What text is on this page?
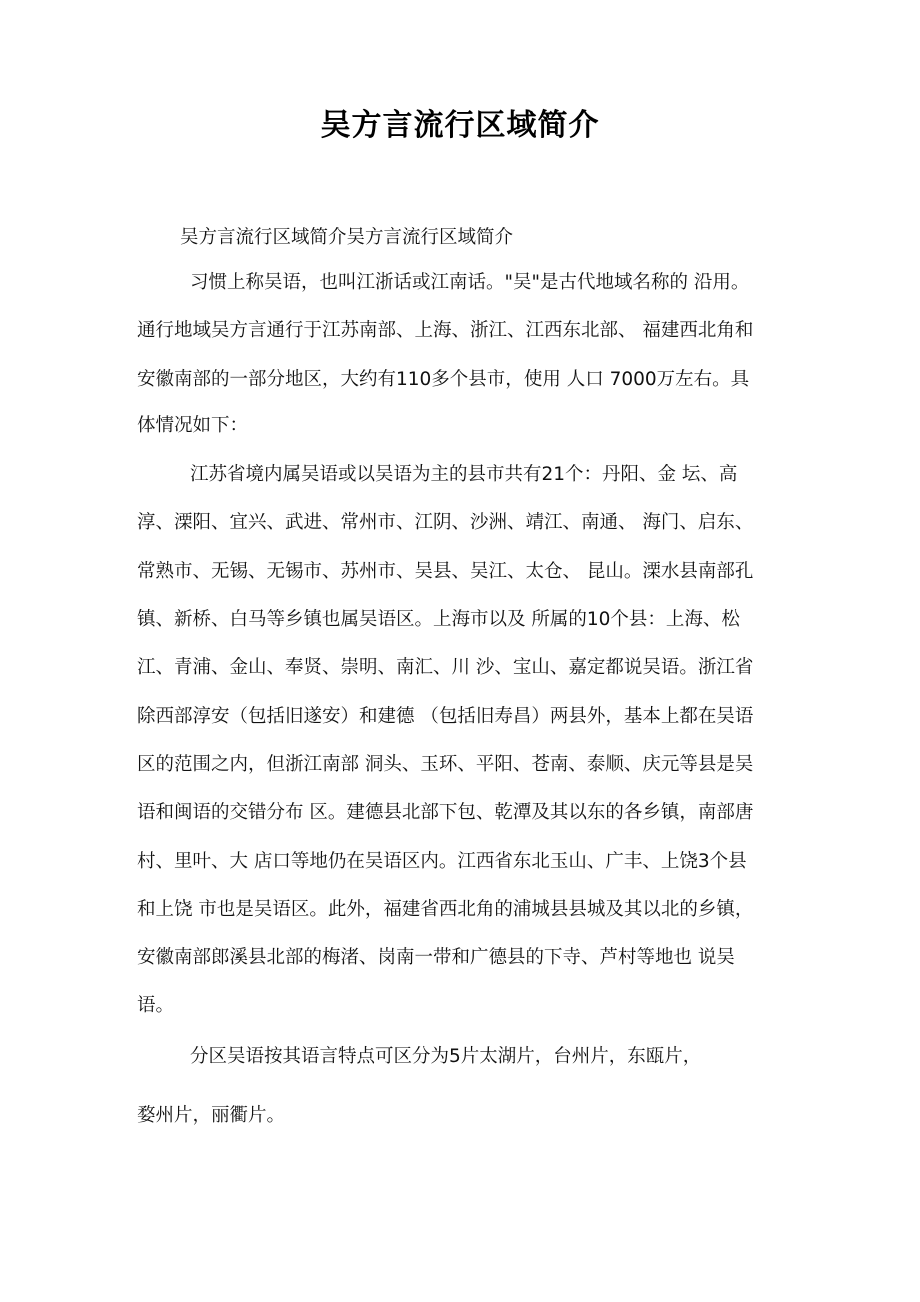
吴方言流行区域简介
吴方言流行区域简介吴方言流行区域简介
习惯上称吴语，也叫江浙话或江南话。"吴"是古代地域名称的 沿用。
通行地域吴方言通行于江苏南部、上海、浙江、江西东北部、 福建西北角和
安徽南部的一部分地区，大约有110多个县市，使用 人口 7000万左右。具
体情况如下：
江苏省境内属吴语或以吴语为主的县市共有21个：丹阳、金 坛、高
淳、溧阳、宜兴、武进、常州市、江阴、沙洲、靖江、南通、 海门、启东、
常熟市、无锡、无锡市、苏州市、吴县、吴江、太仓、 昆山。溧水县南部孔
镇、新桥、白马等乡镇也属吴语区。上海市以及 所属的10个县：上海、松
江、青浦、金山、奉贤、崇明、南汇、川 沙、宝山、嘉定都说吴语。浙江省
除西部淳安（包括旧遂安）和建德 （包括旧寿昌）两县外，基本上都在吴语
区的范围之内，但浙江南部 洞头、玉环、平阳、苍南、泰顺、庆元等县是吴
语和闽语的交错分布 区。建德县北部下包、乾潭及其以东的各乡镇，南部唐
村、里叶、大 店口等地仍在吴语区内。江西省东北玉山、广丰、上饶3个县
和上饶 市也是吴语区。此外，福建省西北角的浦城县县城及其以北的乡镇，
安徽南部郎溪县北部的梅渚、岗南一带和广德县的下寺、芦村等地也 说吴
语。
分区吴语按其语言特点可区分为5片太湖片，台州片，东瓯片，
婺州片，丽衢片。
